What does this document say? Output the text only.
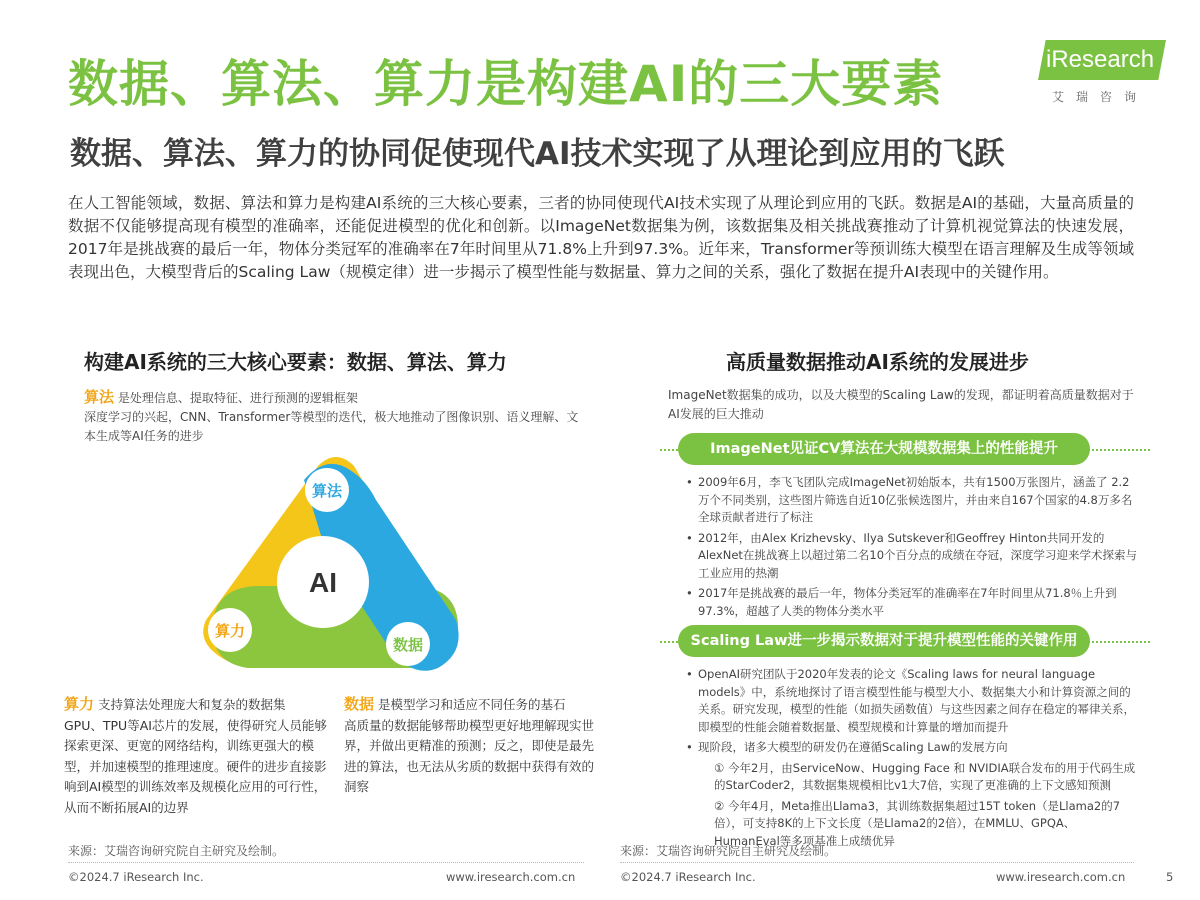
数据、算法、算力是构建AI的三大要素
数据、算法、算力的协同促使现代AI技术实现了从理论到应用的飞跃
iResearch
艾瑞咨询

在人工智能领域，数据、算法和算力是构建AI系统的三大核心要素，三者的协同使现代AI技术实现了从理论到应用的飞跃。数据是AI的基础，大量高质量的数据不仅能够提高现有模型的准确率，还能促进模型的优化和创新。以ImageNet数据集为例，该数据集及相关挑战赛推动了计算机视觉算法的快速发展，2017年是挑战赛的最后一年，物体分类冠军的准确率在7年时间里从71.8%上升到97.3%。近年来，Transformer等预训练大模型在语言理解及生成等领域表现出色，大模型背后的Scaling Law（规模定律）进一步揭示了模型性能与数据量、算力之间的关系，强化了数据在提升AI表现中的关键作用。

构建AI系统的三大核心要素：数据、算法、算力
算法 是处理信息、提取特征、进行预测的逻辑框架
深度学习的兴起，CNN、Transformer等模型的迭代，极大地推动了图像识别、语义理解、文本生成等AI任务的进步
AI
算法
算力
数据
算力 支持算法处理庞大和复杂的数据集
GPU、TPU等AI芯片的发展，使得研究人员能够探索更深、更宽的网络结构，训练更强大的模型，并加速模型的推理速度。硬件的进步直接影响到AI模型的训练效率及规模化应用的可行性，从而不断拓展AI的边界
数据 是模型学习和适应不同任务的基石
高质量的数据能够帮助模型更好地理解现实世界，并做出更精准的预测；反之，即使是最先进的算法，也无法从劣质的数据中获得有效的洞察
来源：艾瑞咨询研究院自主研究及绘制。
高质量数据推动AI系统的发展进步
ImageNet数据集的成功，以及大模型的Scaling Law的发现，都证明着高质量数据对于AI发展的巨大推动
ImageNet见证CV算法在大规模数据集上的性能提升
• 2009年6月，李飞飞团队完成ImageNet初始版本，共有1500万张图片，涵盖了 2.2万个不同类别，这些图片筛选自近10亿张候选图片，并由来自167个国家的4.8万多名全球贡献者进行了标注
• 2012年，由Alex Krizhevsky、Ilya Sutskever和Geoffrey Hinton共同开发的AlexNet在挑战赛上以超过第二名10个百分点的成绩在夺冠，深度学习迎来学术探索与工业应用的热潮
• 2017年是挑战赛的最后一年，物体分类冠军的准确率在7年时间里从71.8％上升到97.3%，超越了人类的物体分类水平
Scaling Law进一步揭示数据对于提升模型性能的关键作用
• OpenAI研究团队于2020年发表的论文《Scaling laws for neural language models》中，系统地探讨了语言模型性能与模型大小、数据集大小和计算资源之间的关系。研究发现，模型的性能（如损失函数值）与这些因素之间存在稳定的幂律关系，即模型的性能会随着数据量、模型规模和计算量的增加而提升
• 现阶段，诸多大模型的研发仍在遵循Scaling Law的发展方向
① 今年2月，由ServiceNow、Hugging Face 和 NVIDIA联合发布的用于代码生成的StarCoder2，其数据集规模相比v1大7倍，实现了更准确的上下文感知预测
② 今年4月，Meta推出Llama3，其训练数据集超过15T token（是Llama2的7倍），可支持8K的上下文长度（是Llama2的2倍），在MMLU、GPQA、HumanEval等多项基准上成绩优异
来源：艾瑞咨询研究院自主研究及绘制。
©2024.7 iResearch Inc.	www.iresearch.com.cn	©2024.7 iResearch Inc.	www.iresearch.com.cn	5
